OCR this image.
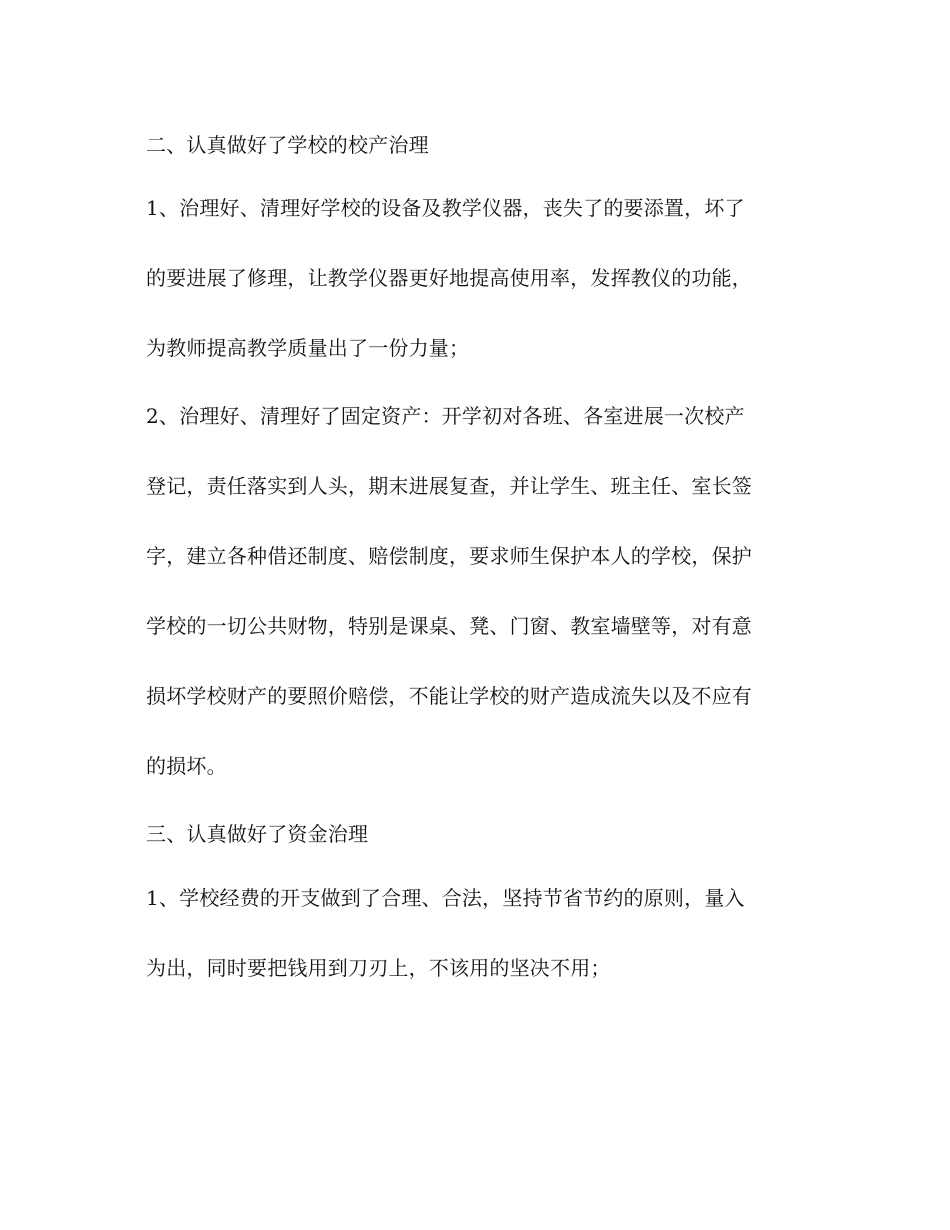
二、认真做好了学校的校产治理
1、治理好、清理好学校的设备及教学仪器，丧失了的要添置，坏了
的要进展了修理，让教学仪器更好地提高使用率，发挥教仪的功能，
为教师提高教学质量出了一份力量；
2、治理好、清理好了固定资产：开学初对各班、各室进展一次校产
登记，责任落实到人头，期末进展复查，并让学生、班主任、室长签
字，建立各种借还制度、赔偿制度，要求师生保护本人的学校，保护
学校的一切公共财物，特别是课桌、凳、门窗、教室墙壁等，对有意
损坏学校财产的要照价赔偿，不能让学校的财产造成流失以及不应有
的损坏。
三、认真做好了资金治理
1、学校经费的开支做到了合理、合法，坚持节省节约的原则，量入
为出，同时要把钱用到刀刃上，不该用的坚决不用；
